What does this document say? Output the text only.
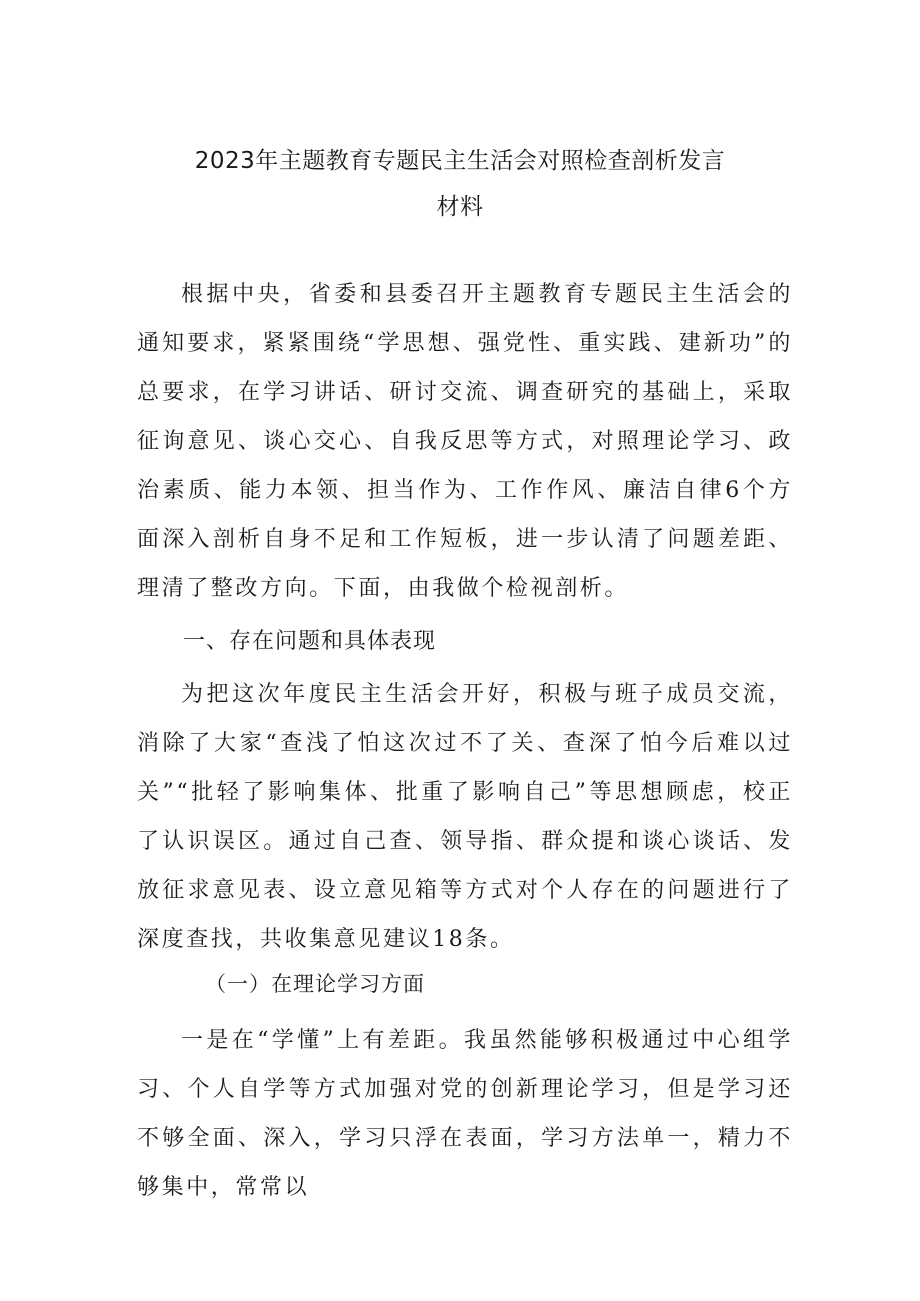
2023年主题教育专题民主生活会对照检查剖析发言
材料

根据中央，省委和县委召开主题教育专题民主生活会的通知要求，紧紧围绕“学思想、强党性、重实践、建新功”的总要求，在学习讲话、研讨交流、调查研究的基础上，采取征询意见、谈心交心、自我反思等方式，对照理论学习、政治素质、能力本领、担当作为、工作作风、廉洁自律6个方面深入剖析自身不足和工作短板，进一步认清了问题差距、理清了整改方向。下面，由我做个检视剖析。

一、存在问题和具体表现

为把这次年度民主生活会开好，积极与班子成员交流，消除了大家“查浅了怕这次过不了关、查深了怕今后难以过关”“批轻了影响集体、批重了影响自己”等思想顾虑，校正了认识误区。通过自己查、领导指、群众提和谈心谈话、发放征求意见表、设立意见箱等方式对个人存在的问题进行了深度查找，共收集意见建议18条。

（一）在理论学习方面

一是在“学懂”上有差距。我虽然能够积极通过中心组学习、个人自学等方式加强对党的创新理论学习，但是学习还不够全面、深入，学习只浮在表面，学习方法单一，精力不够集中，常常以
